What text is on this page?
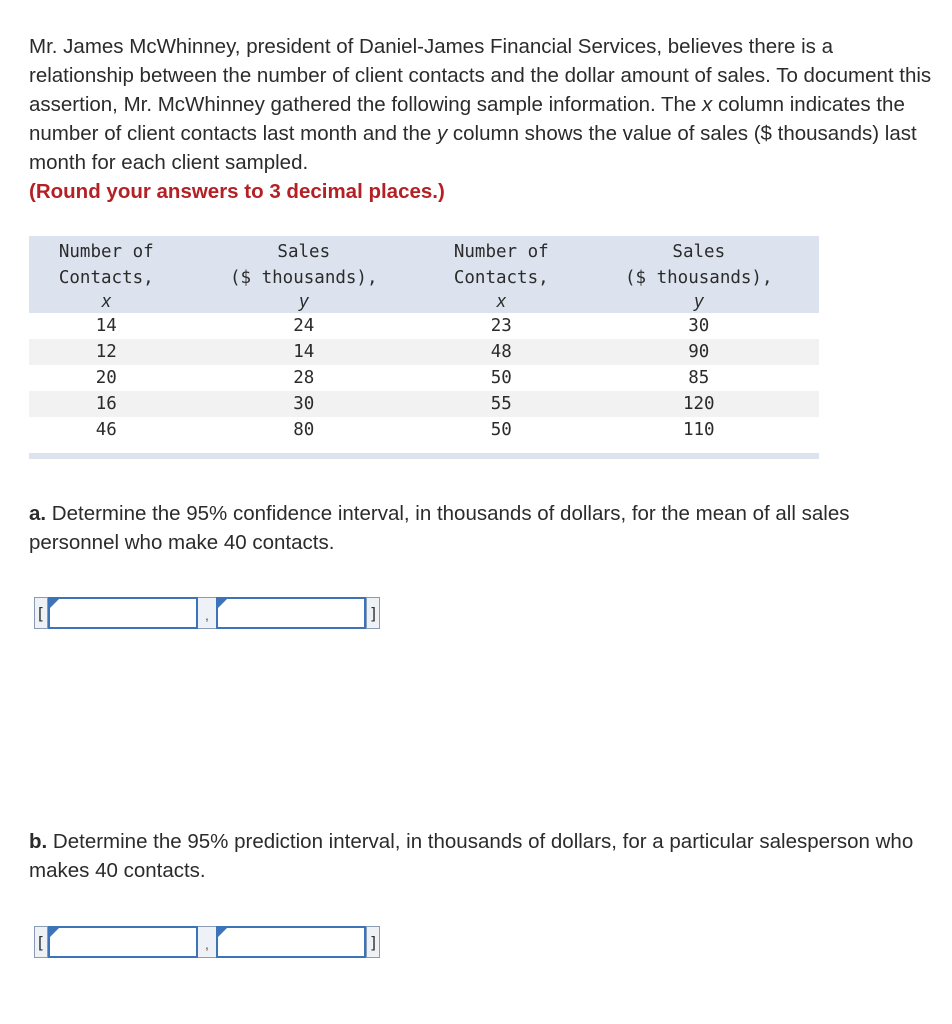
Mr. James McWhinney, president of Daniel-James Financial Services, believes there is a relationship between the number of client contacts and the dollar amount of sales. To document this assertion, Mr. McWhinney gathered the following sample information. The x column indicates the number of client contacts last month and the y column shows the value of sales ($ thousands) last month for each client sampled.
(Round your answers to 3 decimal places.)

Number of	Sales	Number of	Sales
Contacts,	($ thousands),	Contacts,	($ thousands),
x	y	x	y
14	24	23	30
12	14	48	90
20	28	50	85
16	30	55	120
46	80	50	110

a. Determine the 95% confidence interval, in thousands of dollars, for the mean of all sales personnel who make 40 contacts.

[	,	]

b. Determine the 95% prediction interval, in thousands of dollars, for a particular salesperson who makes 40 contacts.

[	,	]
